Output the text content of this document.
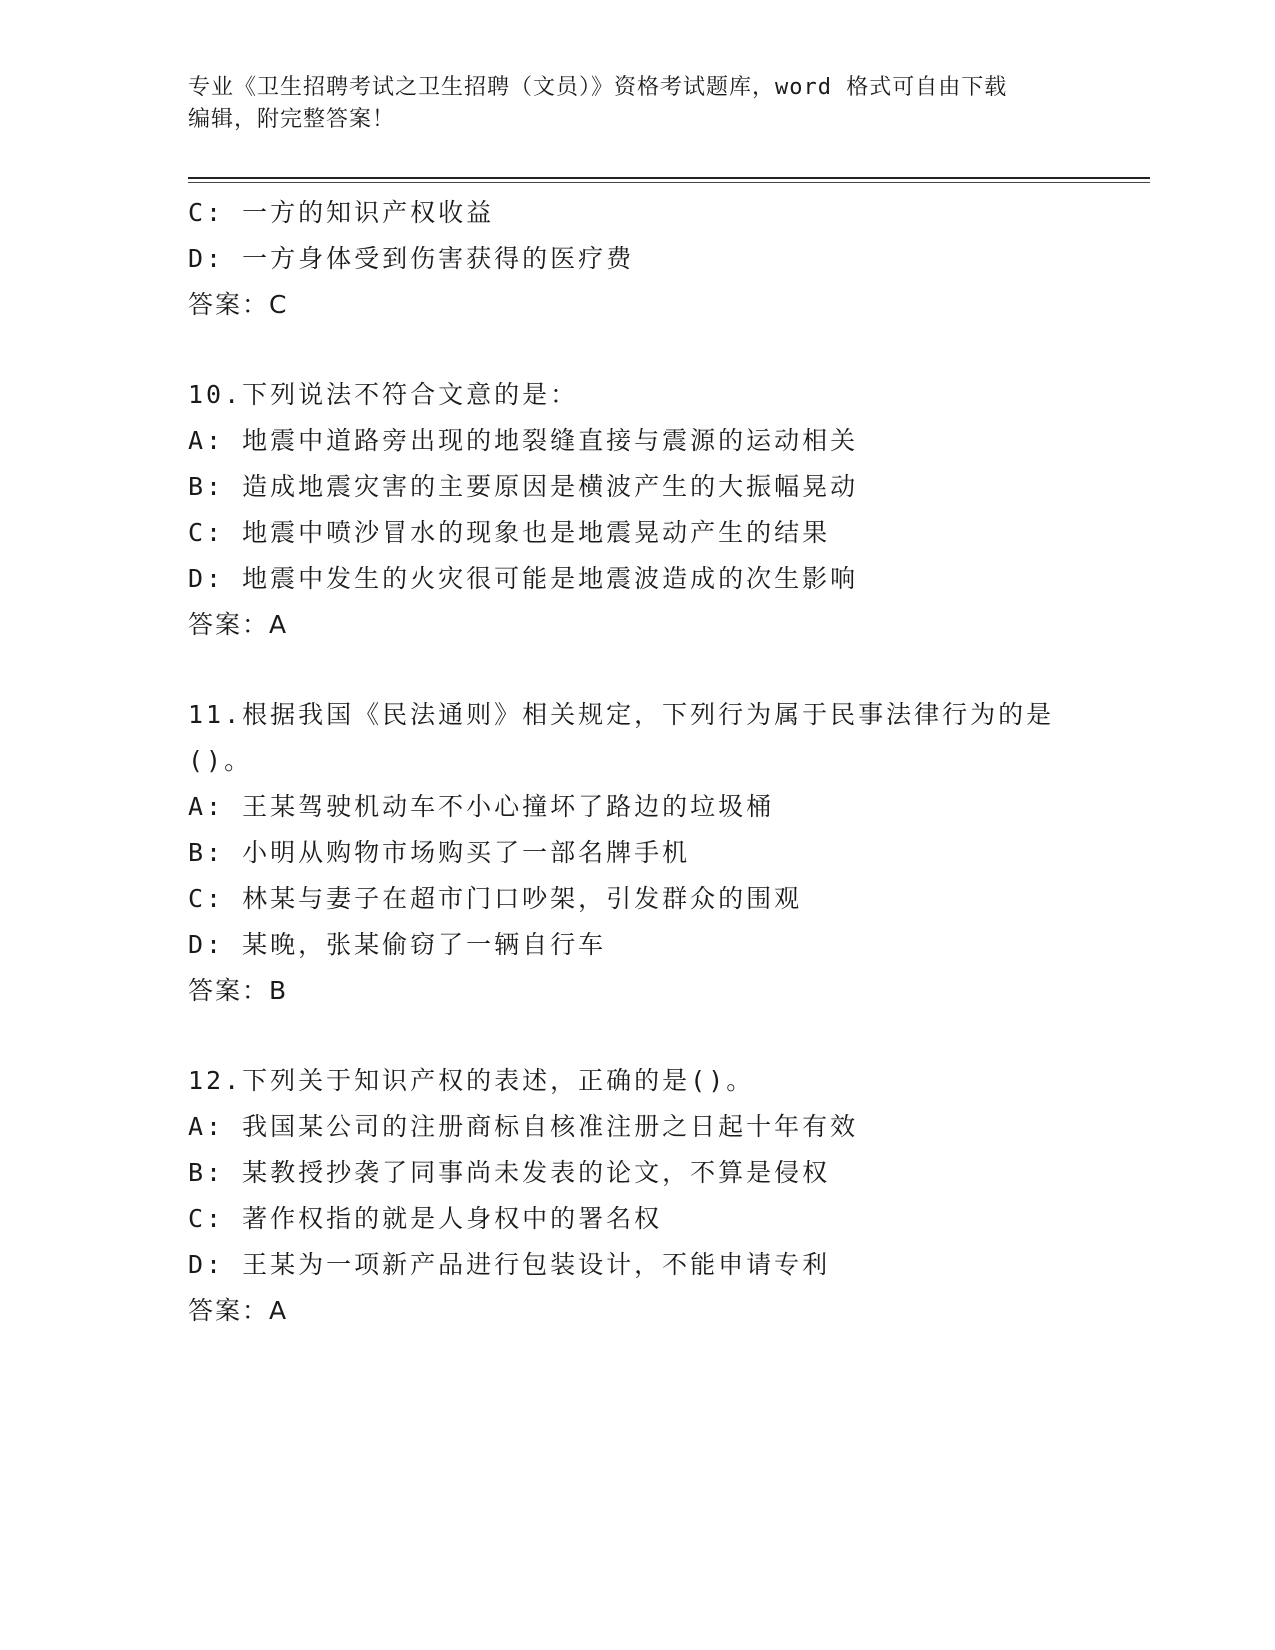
专业《卫生招聘考试之卫生招聘（文员）》资格考试题库，word 格式可自由下载
编辑，附完整答案！
C: 一方的知识产权收益
D: 一方身体受到伤害获得的医疗费
答案：C
10.下列说法不符合文意的是：
A: 地震中道路旁出现的地裂缝直接与震源的运动相关
B: 造成地震灾害的主要原因是横波产生的大振幅晃动
C: 地震中喷沙冒水的现象也是地震晃动产生的结果
D: 地震中发生的火灾很可能是地震波造成的次生影响
答案：A
11.根据我国《民法通则》相关规定，下列行为属于民事法律行为的是
()。
A: 王某驾驶机动车不小心撞坏了路边的垃圾桶
B: 小明从购物市场购买了一部名牌手机
C: 林某与妻子在超市门口吵架，引发群众的围观
D: 某晚，张某偷窃了一辆自行车
答案：B
12.下列关于知识产权的表述，正确的是()。
A: 我国某公司的注册商标自核准注册之日起十年有效
B: 某教授抄袭了同事尚未发表的论文，不算是侵权
C: 著作权指的就是人身权中的署名权
D: 王某为一项新产品进行包装设计，不能申请专利
答案：A
